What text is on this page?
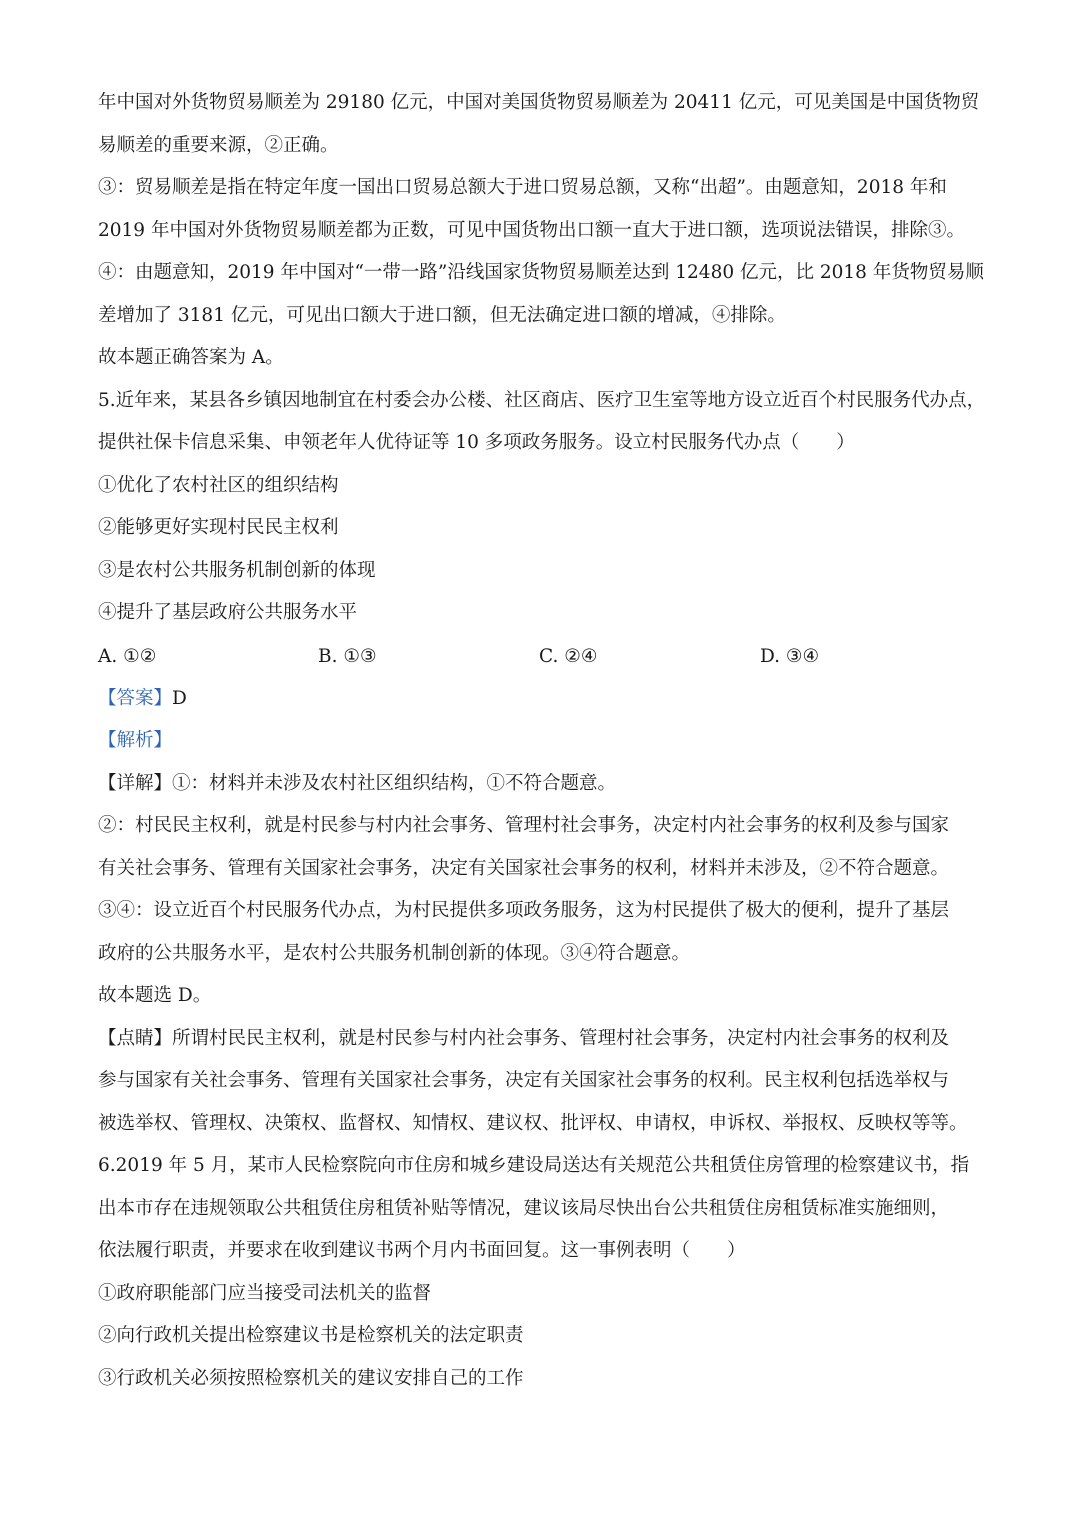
年中国对外货物贸易顺差为 29180 亿元，中国对美国货物贸易顺差为 20411 亿元，可见美国是中国货物贸
易顺差的重要来源，②正确。
③：贸易顺差是指在特定年度一国出口贸易总额大于进口贸易总额，又称“出超”。由题意知，2018 年和
2019 年中国对外货物贸易顺差都为正数，可见中国货物出口额一直大于进口额，选项说法错误，排除③。
④：由题意知，2019 年中国对“一带一路”沿线国家货物贸易顺差达到 12480 亿元，比 2018 年货物贸易顺
差增加了 3181 亿元，可见出口额大于进口额，但无法确定进口额的增减，④排除。
故本题正确答案为 A。
5.近年来，某县各乡镇因地制宜在村委会办公楼、社区商店、医疗卫生室等地方设立近百个村民服务代办点，
提供社保卡信息采集、申领老年人优待证等 10 多项政务服务。设立村民服务代办点（　　）
①优化了农村社区的组织结构
②能够更好实现村民民主权利
③是农村公共服务机制创新的体现
④提升了基层政府公共服务水平
A. ①②	B. ①③	C. ②④	D. ③④
【答案】D
【解析】
【详解】①：材料并未涉及农村社区组织结构，①不符合题意。
②：村民民主权利，就是村民参与村内社会事务、管理村社会事务，决定村内社会事务的权利及参与国家
有关社会事务、管理有关国家社会事务，决定有关国家社会事务的权利，材料并未涉及，②不符合题意。
③④：设立近百个村民服务代办点，为村民提供多项政务服务，这为村民提供了极大的便利，提升了基层
政府的公共服务水平，是农村公共服务机制创新的体现。③④符合题意。
故本题选 D。
【点睛】所谓村民民主权利，就是村民参与村内社会事务、管理村社会事务，决定村内社会事务的权利及
参与国家有关社会事务、管理有关国家社会事务，决定有关国家社会事务的权利。民主权利包括选举权与
被选举权、管理权、决策权、监督权、知情权、建议权、批评权、申请权，申诉权、举报权、反映权等等。
6.2019 年 5 月，某市人民检察院向市住房和城乡建设局送达有关规范公共租赁住房管理的检察建议书，指
出本市存在违规领取公共租赁住房租赁补贴等情况，建议该局尽快出台公共租赁住房租赁标准实施细则，
依法履行职责，并要求在收到建议书两个月内书面回复。这一事例表明（　　）
①政府职能部门应当接受司法机关的监督
②向行政机关提出检察建议书是检察机关的法定职责
③行政机关必须按照检察机关的建议安排自己的工作
